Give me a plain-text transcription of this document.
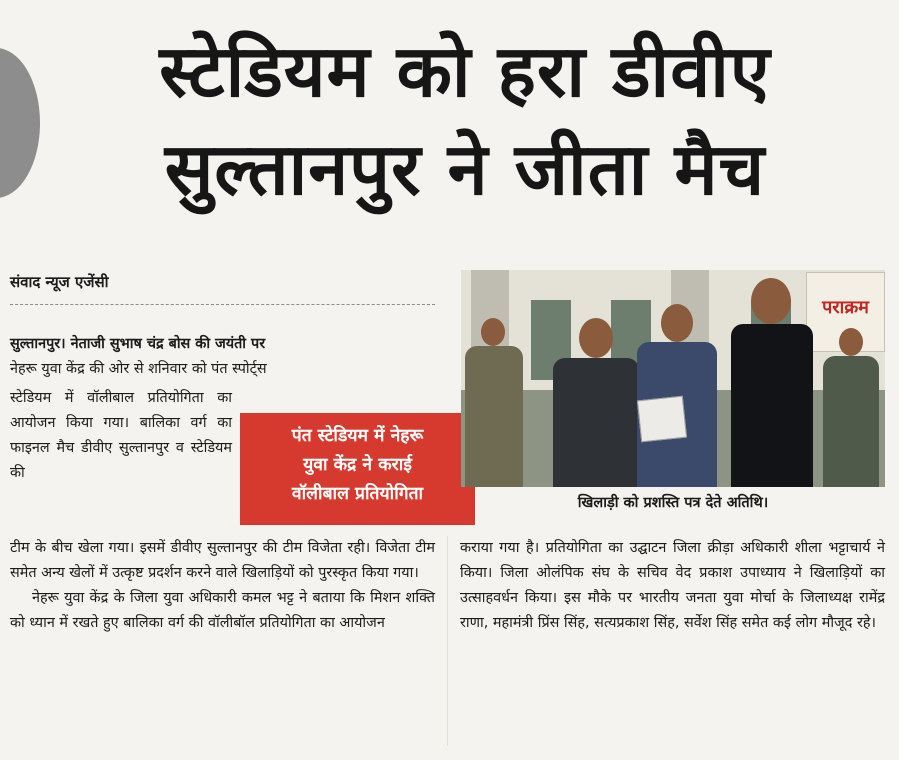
स्टेडियम को हरा डीवीए
सुल्तानपुर ने जीता मैच
संवाद न्यूज एजेंसी
सुल्तानपुर। नेताजी सुभाष चंद्र बोस की जयंती पर
नेहरू युवा केंद्र की ओर से शनिवार को पंत स्पोर्ट्स
स्टेडियम में वॉलीबाल प्रतियोगिता का आयोजन किया गया। बालिका वर्ग का फाइनल मैच डीवीए सुल्तानपुर व स्टेडियम की

टीम के बीच खेला गया। इसमें डीवीए सुल्तानपुर की टीम विजेता रही। विजेता टीम समेत अन्य खेलों में उत्कृष्ट प्रदर्शन करने वाले खिलाड़ियों को पुरस्कृत किया गया।

नेहरू युवा केंद्र के जिला युवा अधिकारी कमल भट्ट ने बताया कि मिशन शक्ति को ध्यान में रखते हुए बालिका वर्ग की वॉलीबॉल प्रतियोगिता का आयोजन

कराया गया है। प्रतियोगिता का उद्घाटन जिला क्रीड़ा अधिकारी शीला भट्टाचार्य ने किया। जिला ओलंपिक संघ के सचिव वेद प्रकाश उपाध्याय ने खिलाड़ियों का उत्साहवर्धन किया। इस मौके पर भारतीय जनता युवा मोर्चा के जिलाध्यक्ष रामेंद्र राणा, महामंत्री प्रिंस सिंह, सत्यप्रकाश सिंह, सर्वेश सिंह समेत कई लोग मौजूद रहे।
पंत स्टेडियम में नेहरू
युवा केंद्र ने कराई
वॉलीबाल प्रतियोगिता
पराक्रम
खिलाड़ी को प्रशस्ति पत्र देते अतिथि।
